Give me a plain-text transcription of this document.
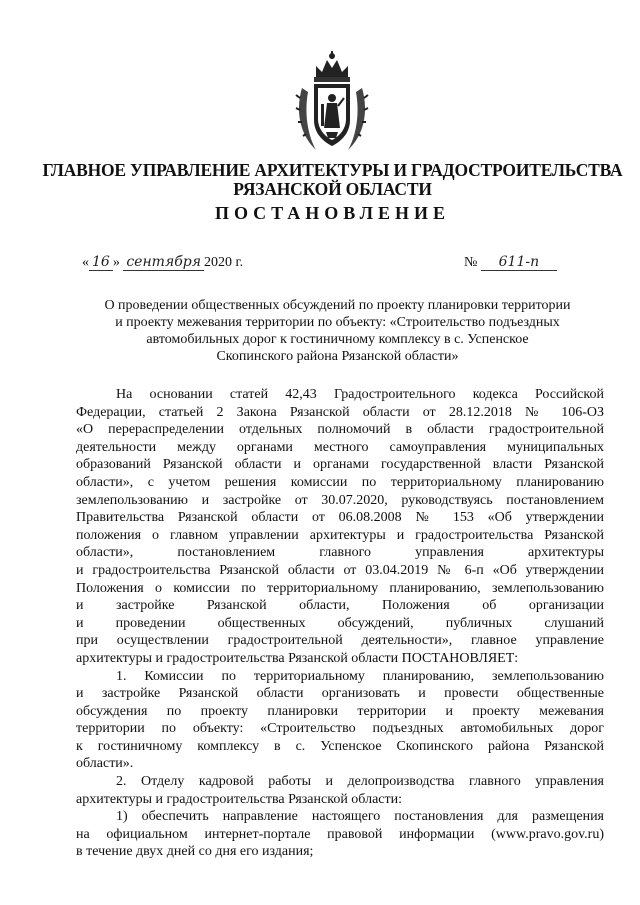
ГЛАВНОЕ УПРАВЛЕНИЕ АРХИТЕКТУРЫ И ГРАДОСТРОИТЕЛЬСТВА
РЯЗАНСКОЙ ОБЛАСТИ
ПОСТАНОВЛЕНИЕ
« 16 » сентября 2020 г.	№ 611-п
О проведении общественных обсуждений по проекту планировки территории
и проекту межевания территории по объекту: «Строительство подъездных
автомобильных дорог к гостиничному комплексу в с. Успенское
Скопинского района Рязанской области»
На основании статей 42,43 Градостроительного кодекса Российской
Федерации, статьей 2 Закона Рязанской области от 28.12.2018 № 106-ОЗ
«О перераспределении отдельных полномочий в области градостроительной
деятельности между органами местного самоуправления муниципальных
образований Рязанской области и органами государственной власти Рязанской
области», с учетом решения комиссии по территориальному планированию
землепользованию и застройке от 30.07.2020, руководствуясь постановлением
Правительства Рязанской области от 06.08.2008 № 153 «Об утверждении
положения о главном управлении архитектуры и градостроительства Рязанской
области», постановлением главного управления архитектуры
и градостроительства Рязанской области от 03.04.2019 № 6-п «Об утверждении
Положения о комиссии по территориальному планированию, землепользованию
и застройке Рязанской области, Положения об организации
и проведении общественных обсуждений, публичных слушаний
при осуществлении градостроительной деятельности», главное управление
архитектуры и градостроительства Рязанской области ПОСТАНОВЛЯЕТ:
1. Комиссии по территориальному планированию, землепользованию
и застройке Рязанской области организовать и провести общественные
обсуждения по проекту планировки территории и проекту межевания
территории по объекту: «Строительство подъездных автомобильных дорог
к гостиничному комплексу в с. Успенское Скопинского района Рязанской
области».
2. Отделу кадровой работы и делопроизводства главного управления
архитектуры и градостроительства Рязанской области:
1) обеспечить направление настоящего постановления для размещения
на официальном интернет-портале правовой информации (www.pravo.gov.ru)
в течение двух дней со дня его издания;
